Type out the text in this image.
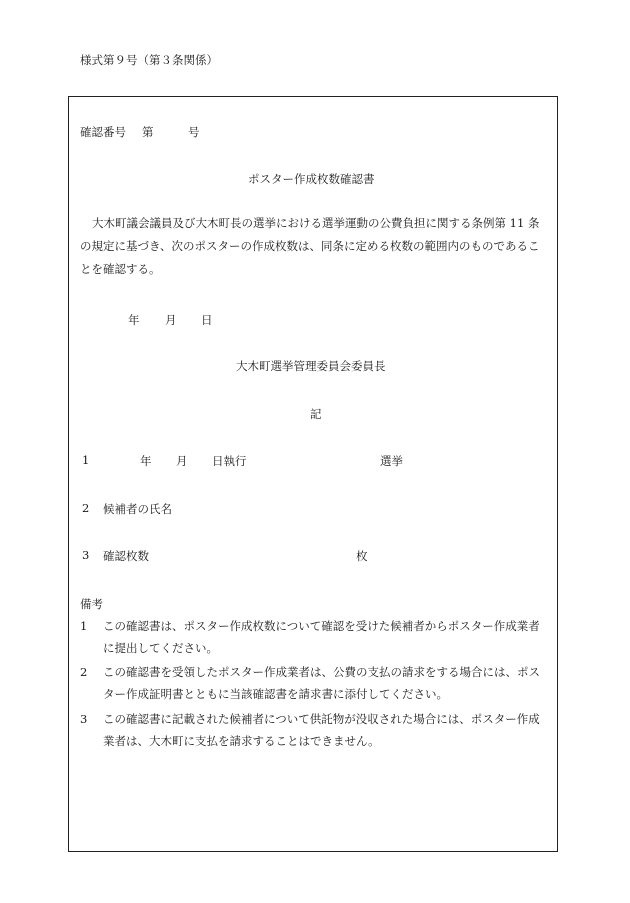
様式第９号（第３条関係）
確認番号 第	号
ポスター作成枚数確認書
大木町議会議員及び大木町長の選挙における選挙運動の公費負担に関する条例第 11 条の規定に基づき、次のポスターの作成枚数は、同条に定める枚数の範囲内のものであることを確認する。
年 月 日
大木町選挙管理委員会委員長
記
1	年 月 日執行	選挙
2 候補者の氏名
3 確認枚数	枚
備考
1 この確認書は、ポスター作成枚数について確認を受けた候補者からポスター作成業者に提出してください。
2 この確認書を受領したポスター作成業者は、公費の支払の請求をする場合には、ポスター作成証明書とともに当該確認書を請求書に添付してください。
3 この確認書に記載された候補者について供託物が没収された場合には、ポスター作成業者は、大木町に支払を請求することはできません。
